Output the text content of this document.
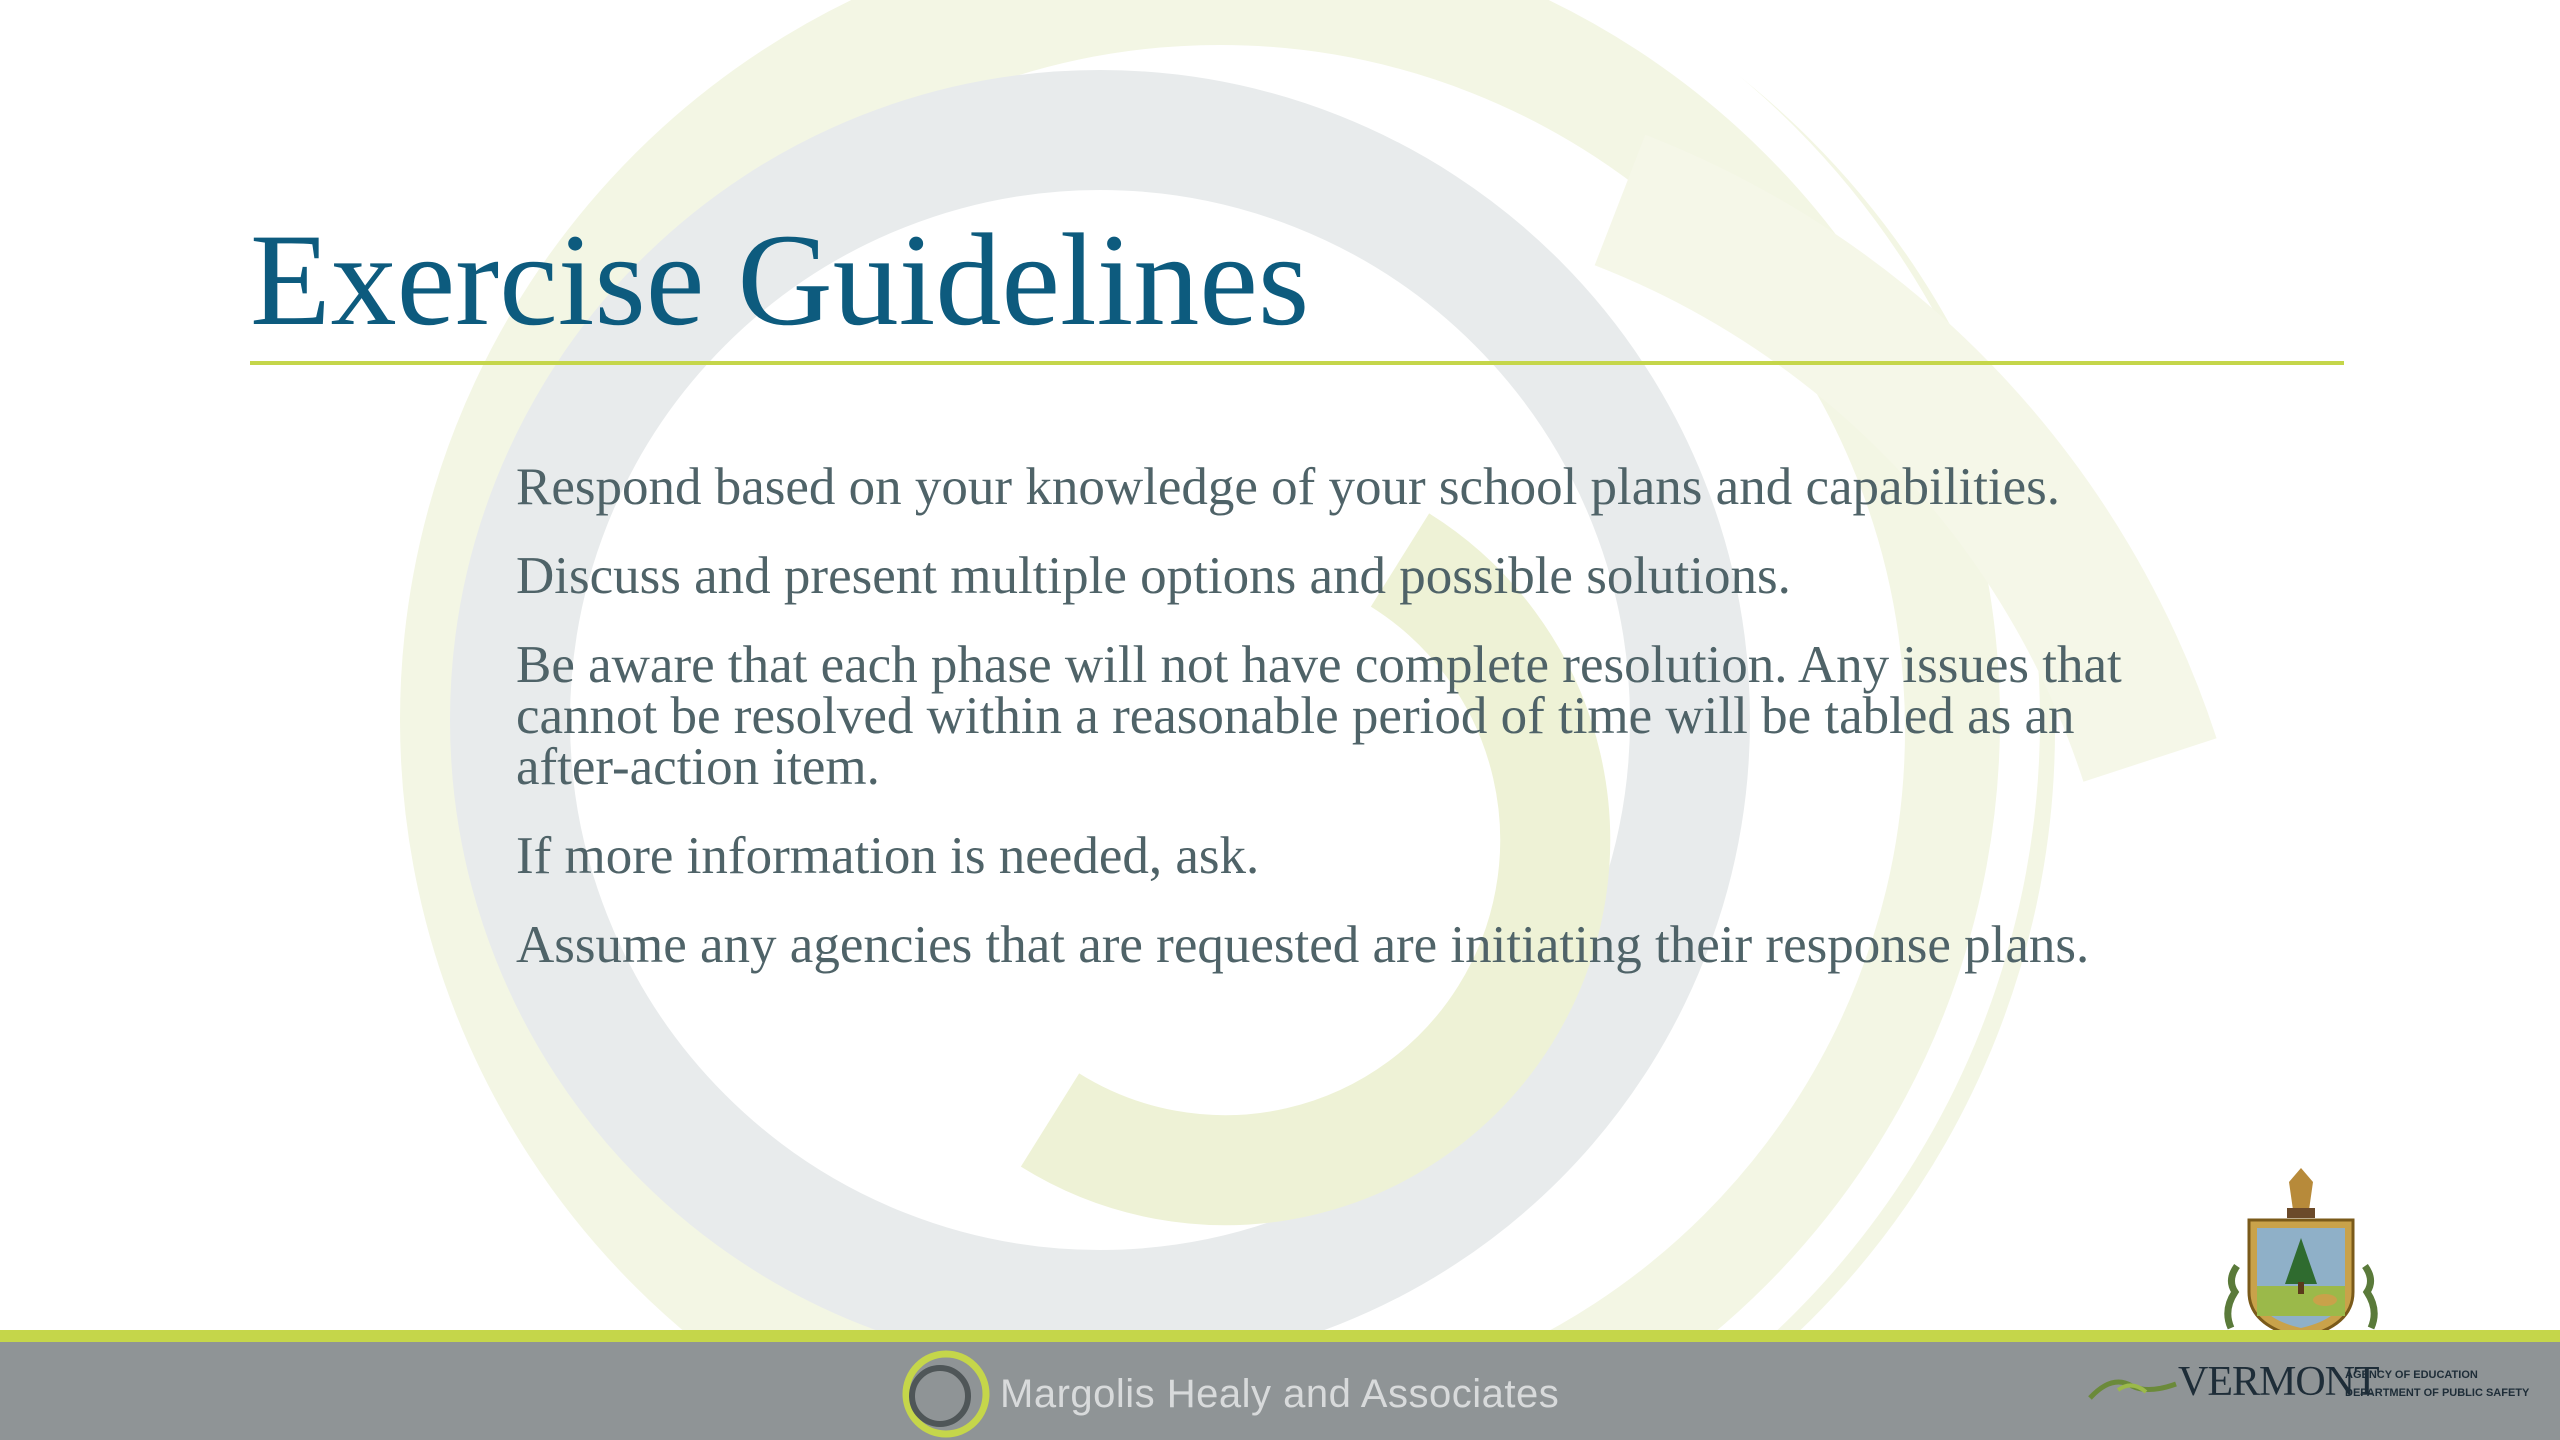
Exercise Guidelines
Respond based on your knowledge of your school plans and capabilities.
Discuss and present multiple options and possible solutions.
Be aware that each phase will not have complete resolution. Any issues that cannot be resolved within a reasonable period of time will be tabled as an after-action item.
If more information is needed, ask.
Assume any agencies that are requested are initiating their response plans.
Margolis Healy and Associates	VERMONT
AGENCY OF EDUCATION
DEPARTMENT OF PUBLIC SAFETY
